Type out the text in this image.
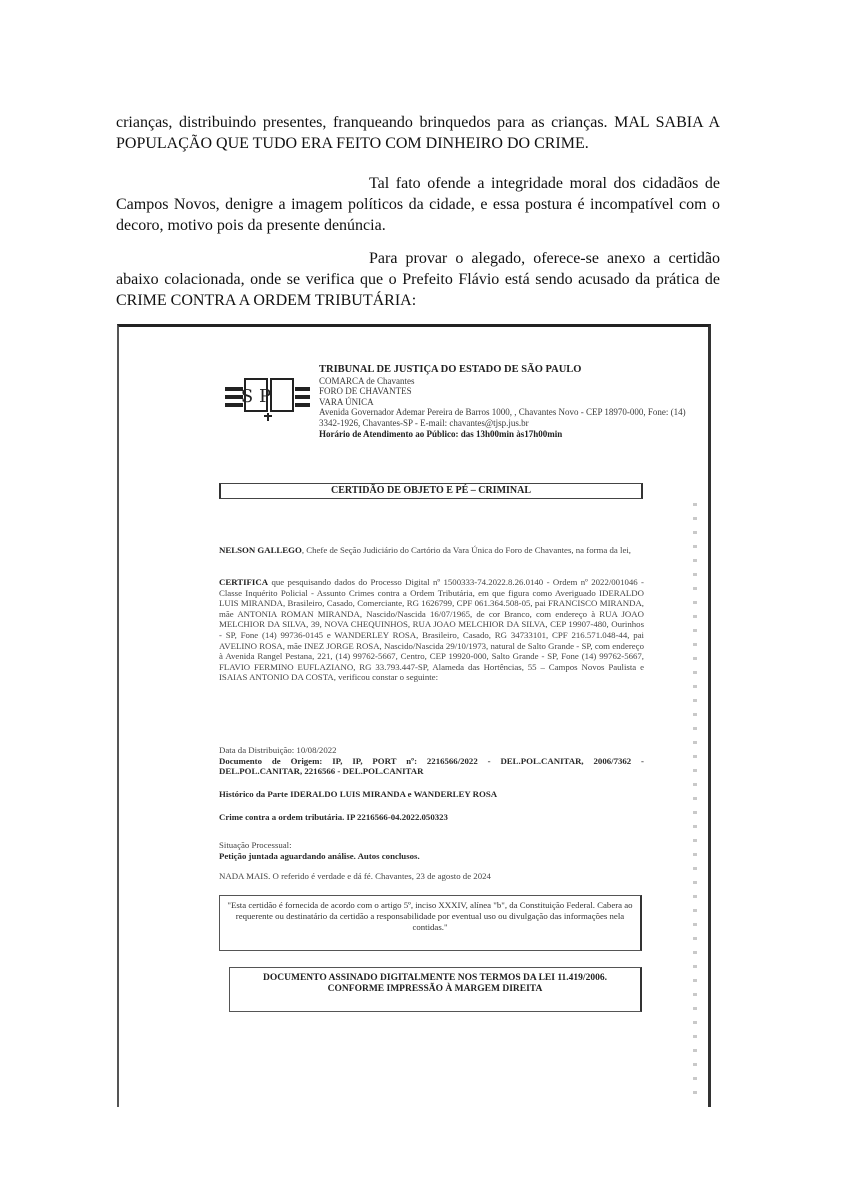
crianças, distribuindo presentes, franqueando brinquedos para as crianças. MAL SABIA A POPULAÇÃO QUE TUDO ERA FEITO COM DINHEIRO DO CRIME.

Tal fato ofende a integridade moral dos cidadãos de Campos Novos, denigre a imagem políticos da cidade, e essa postura é incompatível com o decoro, motivo pois da presente denúncia.

Para provar o alegado, oferece-se anexo a certidão abaixo colacionada, onde se verifica que o Prefeito Flávio está sendo acusado da prática de CRIME CONTRA A ORDEM TRIBUTÁRIA:

S P
TRIBUNAL DE JUSTIÇA DO ESTADO DE SÃO PAULO
COMARCA de Chavantes
FORO DE CHAVANTES
VARA ÚNICA
Avenida Governador Ademar Pereira de Barros 1000, , Chavantes Novo - CEP 18970-000, Fone: (14) 3342-1926, Chavantes-SP - E-mail: chavantes@tjsp.jus.br
Horário de Atendimento ao Público: das 13h00min às17h00min
CERTIDÃO DE OBJETO E PÉ – CRIMINAL
NELSON GALLEGO, Chefe de Seção Judiciário do Cartório da Vara Única do Foro de Chavantes, na forma da lei,
CERTIFICA que pesquisando dados do Processo Digital nº 1500333-74.2022.8.26.0140 - Ordem nº 2022/001046 - Classe Inquérito Policial - Assunto Crimes contra a Ordem Tributária, em que figura como Averiguado IDERALDO LUIS MIRANDA, Brasileiro, Casado, Comerciante, RG 1626799, CPF 061.364.508-05, pai FRANCISCO MIRANDA, mãe ANTONIA ROMAN MIRANDA, Nascido/Nascida 16/07/1965, de cor Branco, com endereço à RUA JOAO MELCHIOR DA SILVA, 39, NOVA CHEQUINHOS, RUA JOAO MELCHIOR DA SILVA, CEP 19907-480, Ourinhos - SP, Fone (14) 99736-0145 e WANDERLEY ROSA, Brasileiro, Casado, RG 34733101, CPF 216.571.048-44, pai AVELINO ROSA, mãe INEZ JORGE ROSA, Nascido/Nascida 29/10/1973, natural de Salto Grande - SP, com endereço à Avenida Rangel Pestana, 221, (14) 99762-5667, Centro, CEP 19920-000, Salto Grande - SP, Fone (14) 99762-5667, FLAVIO FERMINO EUFLAZIANO, RG 33.793.447-SP, Alameda das Hortências, 55 – Campos Novos Paulista e ISAIAS ANTONIO DA COSTA, verificou constar o seguinte:
Data da Distribuição: 10/08/2022
Documento de Origem: IP, IP, PORT nº: 2216566/2022 - DEL.POL.CANITAR, 2006/7362 - DEL.POL.CANITAR, 2216566 - DEL.POL.CANITAR
Histórico da Parte IDERALDO LUIS MIRANDA e WANDERLEY ROSA
Crime contra a ordem tributária. IP 2216566-04.2022.050323
Situação Processual:
Petição juntada aguardando análise. Autos conclusos.
NADA MAIS. O referido é verdade e dá fé. Chavantes, 23 de agosto de 2024
"Esta certidão é fornecida de acordo com o artigo 5º, inciso XXXIV, alínea "b", da Constituição Federal. Cabera ao requerente ou destinatário da certidão a responsabilidade por eventual uso ou divulgação das informações nela contidas."
DOCUMENTO ASSINADO DIGITALMENTE NOS TERMOS DA LEI 11.419/2006.
CONFORME IMPRESSÃO À MARGEM DIREITA
